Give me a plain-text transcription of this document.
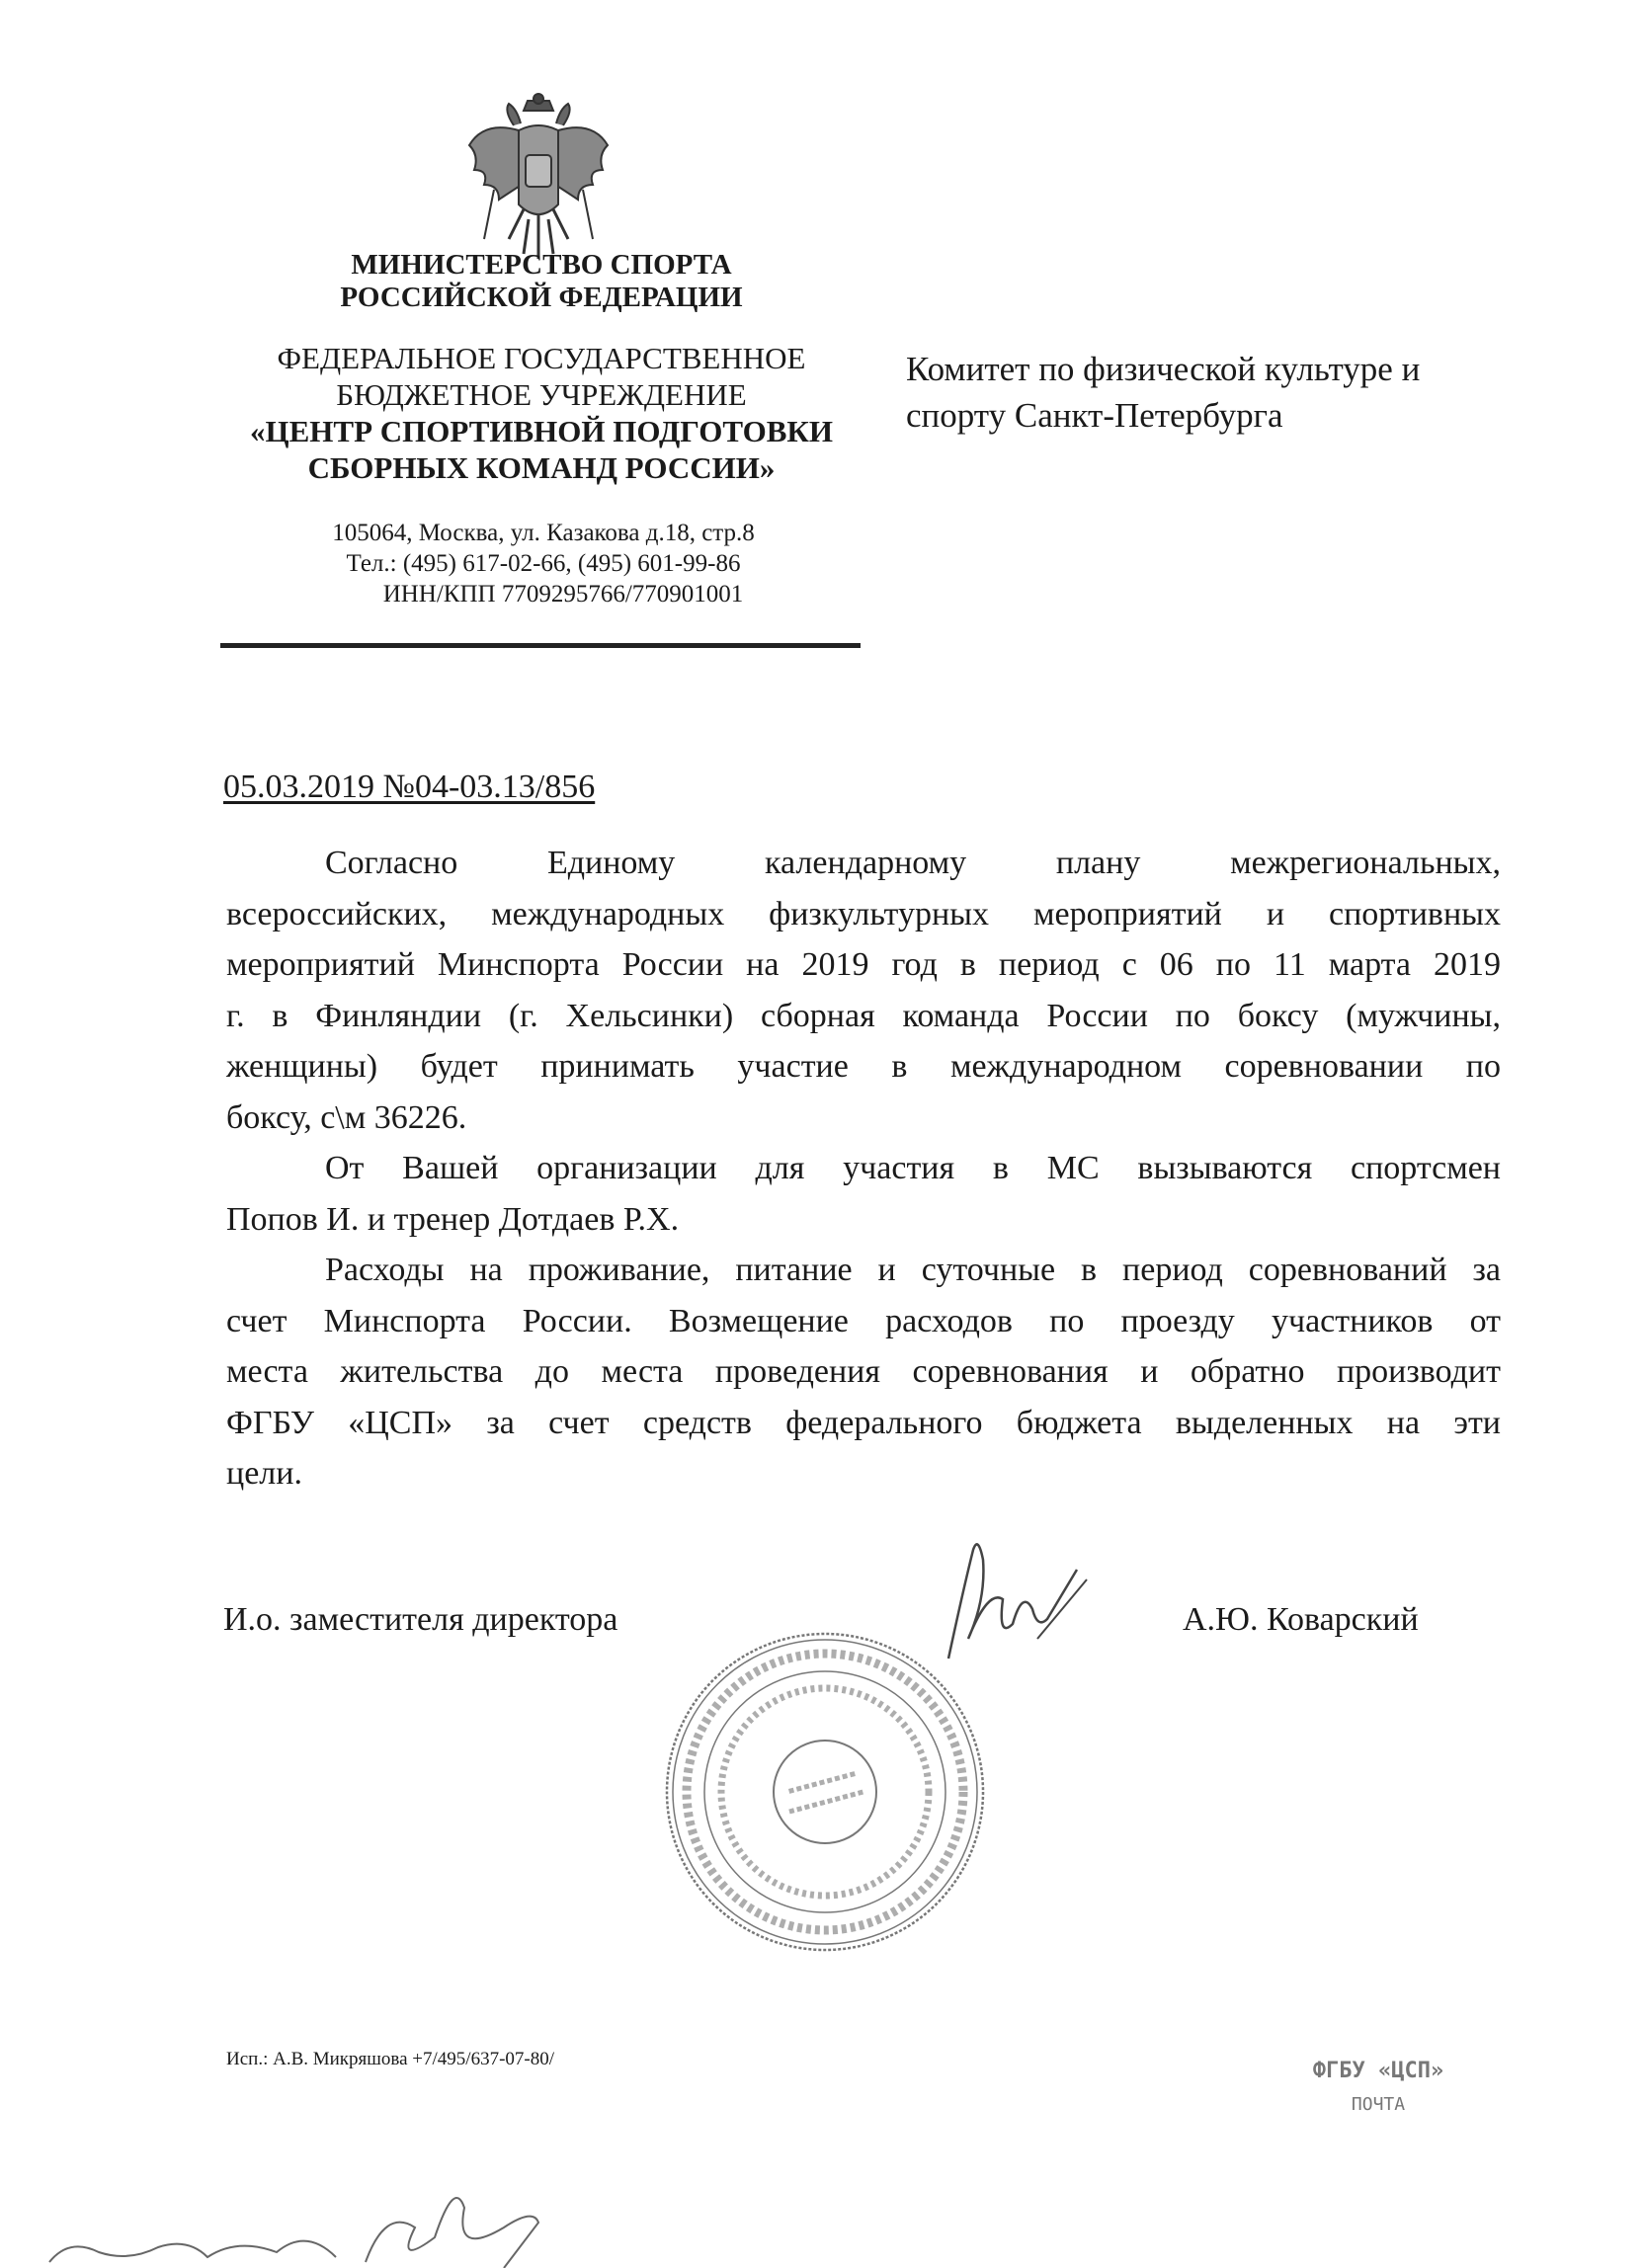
МИНИСТЕРСТВО СПОРТА
РОССИЙСКОЙ ФЕДЕРАЦИИ
ФЕДЕРАЛЬНОЕ ГОСУДАРСТВЕННОЕ
БЮДЖЕТНОЕ УЧРЕЖДЕНИЕ
«ЦЕНТР СПОРТИВНОЙ ПОДГОТОВКИ
СБОРНЫХ КОМАНД РОССИИ»
105064, Москва, ул. Казакова д.18, стр.8
Тел.: (495) 617-02-66, (495) 601-99-86
ИНН/КПП 7709295766/770901001
Комитет по физической культуре и
спорту Санкт-Петербурга
05.03.2019 №04-03.13/856
Согласно Единому календарному плану межрегиональных,
всероссийских, международных физкультурных мероприятий и спортивных
мероприятий Минспорта России на 2019 год в период с 06 по 11 марта 2019
г. в Финляндии (г. Хельсинки) сборная команда России по боксу (мужчины,
женщины) будет принимать участие в международном соревновании по
боксу, с\м 36226.
От Вашей организации для участия в МС вызываются спортсмен
Попов И. и тренер Дотдаев Р.Х.
Расходы на проживание, питание и суточные в период соревнований за
счет Минспорта России. Возмещение расходов по проезду участников от
места жительства до места проведения соревнования и обратно производит
ФГБУ «ЦСП» за счет средств федерального бюджета выделенных на эти
цели.
И.о. заместителя директора	А.Ю. Коварский
Исп.: А.В. Микряшова +7/495/637-07-80/	ФГБУ «ЦСП»
ПОЧТА
